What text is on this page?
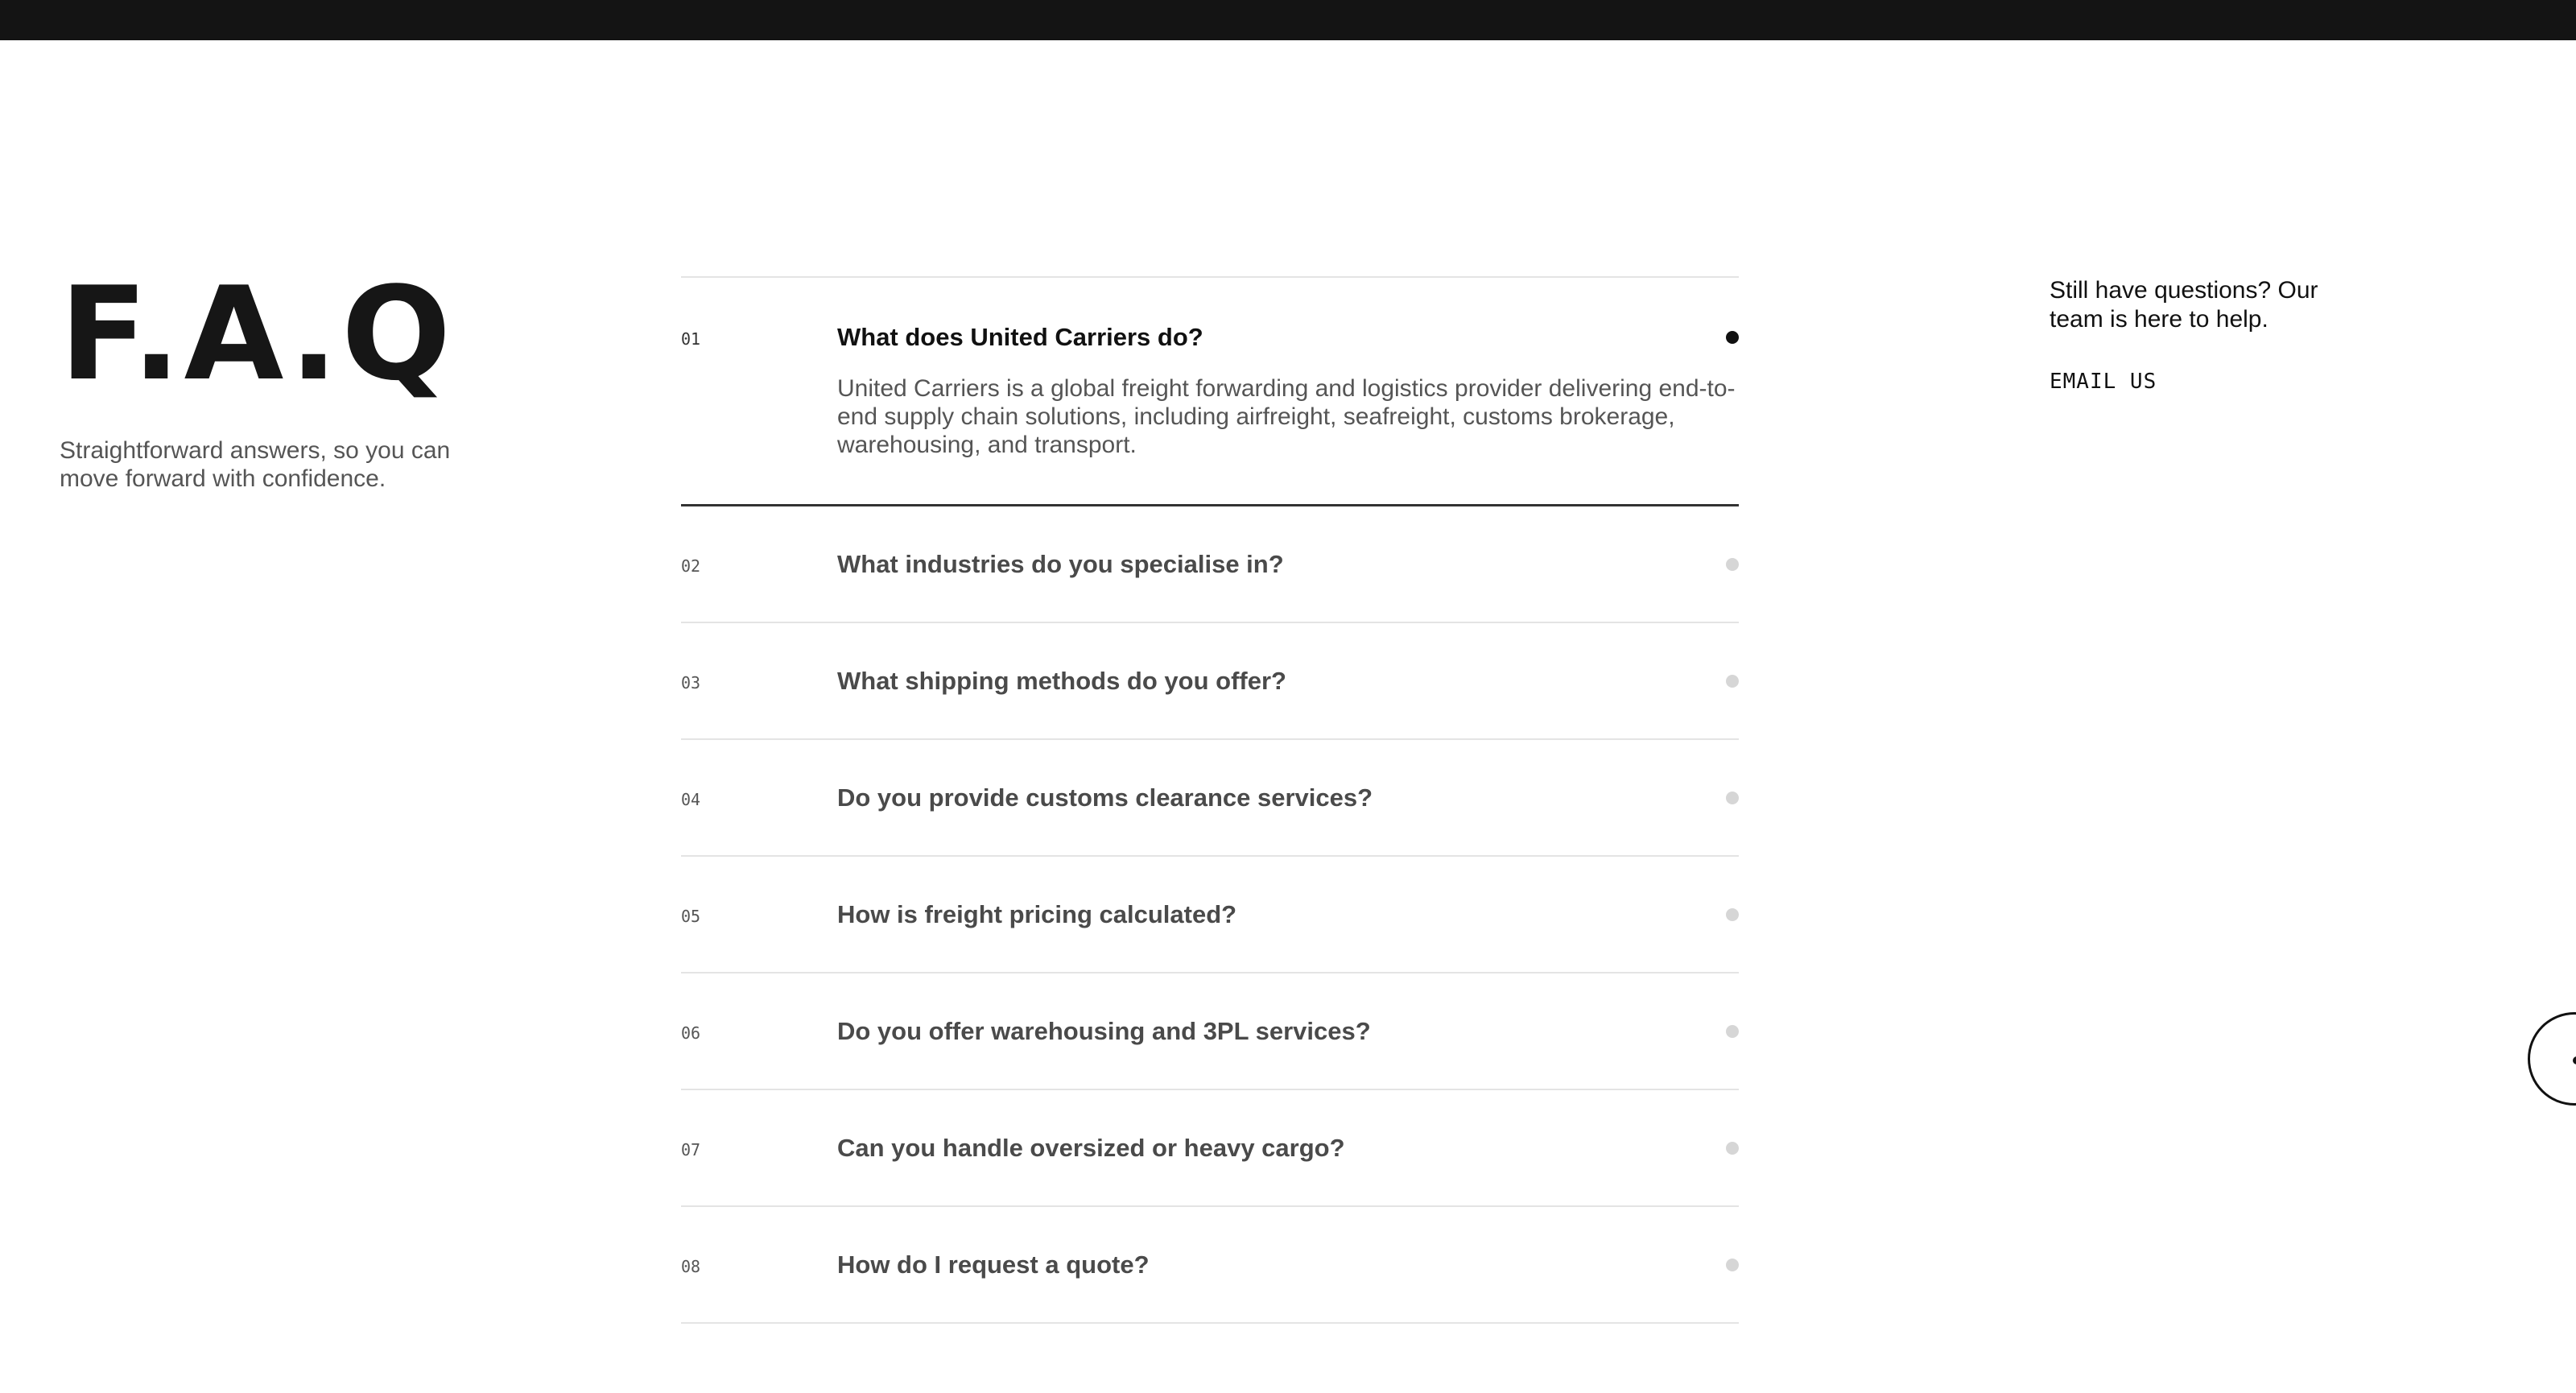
F.A.Q
Straightforward answers, so you can move forward with confidence.
01	What does United Carriers do?
United Carriers is a global freight forwarding and logistics provider delivering end-to-end supply chain solutions, including airfreight, seafreight, customs brokerage, warehousing, and transport.
02	What industries do you specialise in?
03	What shipping methods do you offer?
04	Do you provide customs clearance services?
05	How is freight pricing calculated?
06	Do you offer warehousing and 3PL services?
07	Can you handle oversized or heavy cargo?
08	How do I request a quote?
Still have questions? Our team is here to help.
EMAIL US
